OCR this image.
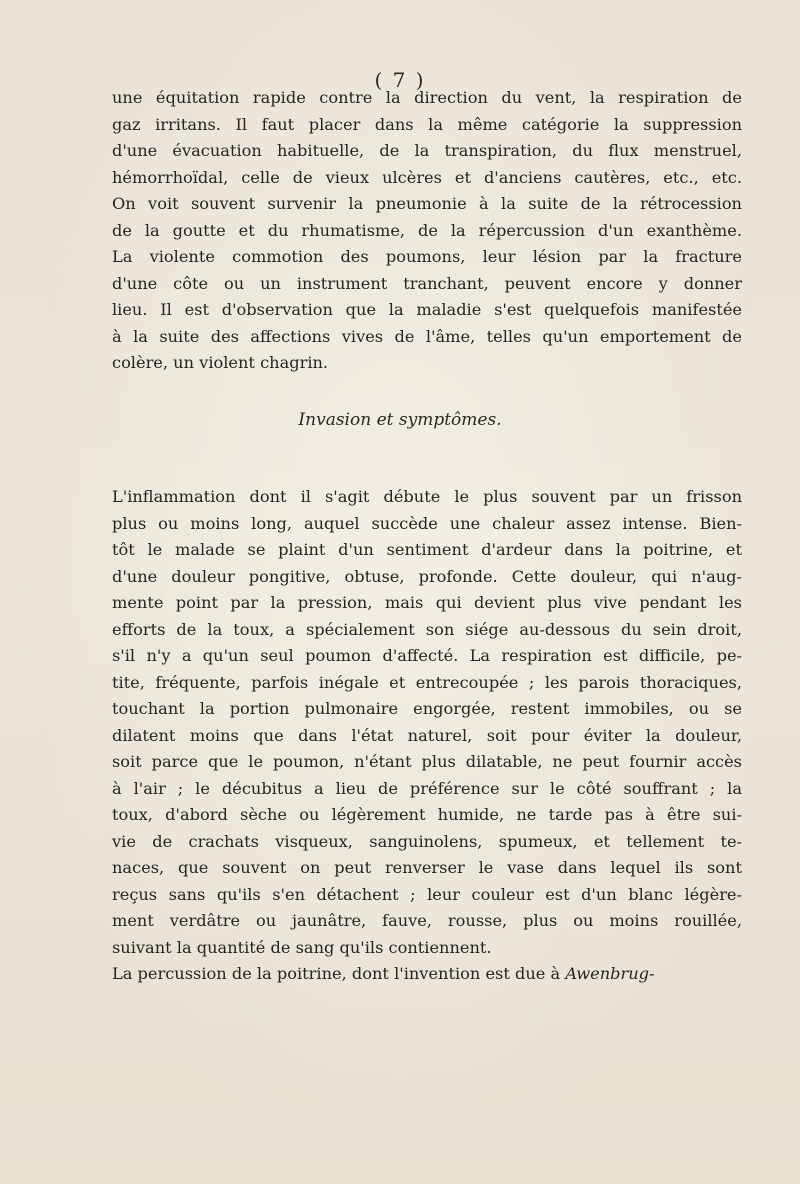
( 7 )
une équitation rapide contre la direction du vent, la respiration de
gaz irritans. Il faut placer dans la même catégorie la suppression
d'une évacuation habituelle, de la transpiration, du flux menstruel,
hémorrhoïdal, celle de vieux ulcères et d'anciens cautères, etc., etc.
On voit souvent survenir la pneumonie à la suite de la rétrocession
de la goutte et du rhumatisme, de la répercussion d'un exanthème.
La violente commotion des poumons, leur lésion par la fracture
d'une côte ou un instrument tranchant, peuvent encore y donner
lieu. Il est d'observation que la maladie s'est quelquefois manifestée
à la suite des affections vives de l'âme, telles qu'un emportement de
colère, un violent chagrin.
Invasion et symptômes.
L'inflammation dont il s'agit débute le plus souvent par un frisson
plus ou moins long, auquel succède une chaleur assez intense. Bien-
tôt le malade se plaint d'un sentiment d'ardeur dans la poitrine, et
d'une douleur pongitive, obtuse, profonde. Cette douleur, qui n'aug-
mente point par la pression, mais qui devient plus vive pendant les
efforts de la toux, a spécialement son siége au-dessous du sein droit,
s'il n'y a qu'un seul poumon d'affecté. La respiration est difficile, pe-
tite, fréquente, parfois inégale et entrecoupée ; les parois thoraciques,
touchant la portion pulmonaire engorgée, restent immobiles, ou se
dilatent moins que dans l'état naturel, soit pour éviter la douleur,
soit parce que le poumon, n'étant plus dilatable, ne peut fournir accès
à l'air ; le décubitus a lieu de préférence sur le côté souffrant ; la
toux, d'abord sèche ou légèrement humide, ne tarde pas à être sui-
vie de crachats visqueux, sanguinolens, spumeux, et tellement te-
naces, que souvent on peut renverser le vase dans lequel ils sont
reçus sans qu'ils s'en détachent ; leur couleur est d'un blanc légère-
ment verdâtre ou jaunâtre, fauve, rousse, plus ou moins rouillée,
suivant la quantité de sang qu'ils contiennent.
La percussion de la poitrine, dont l'invention est due à Awenbrug-
